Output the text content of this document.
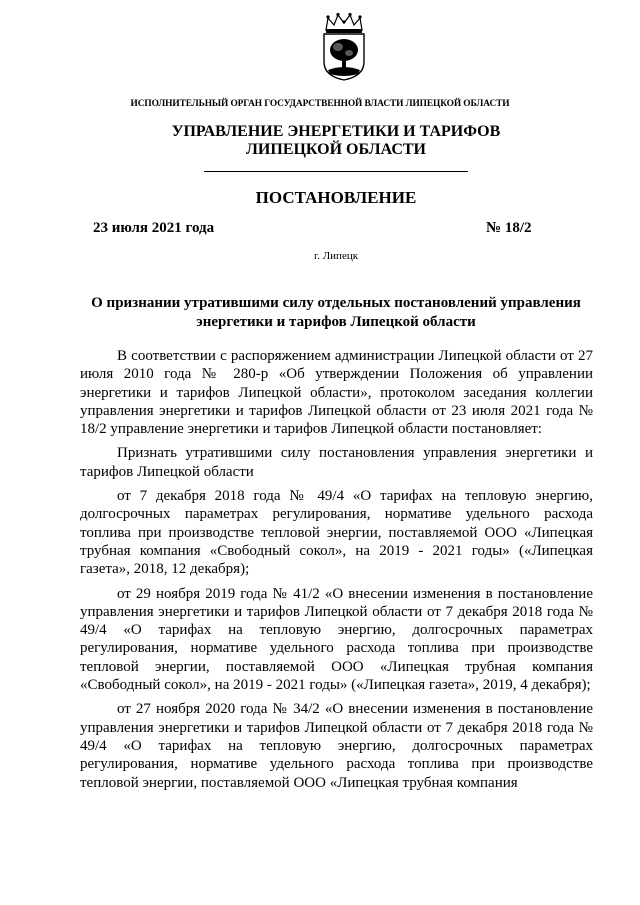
ИСПОЛНИТЕЛЬНЫЙ ОРГАН ГОСУДАРСТВЕННОЙ ВЛАСТИ ЛИПЕЦКОЙ ОБЛАСТИ
УПРАВЛЕНИЕ ЭНЕРГЕТИКИ И ТАРИФОВ
ЛИПЕЦКОЙ ОБЛАСТИ
ПОСТАНОВЛЕНИЕ
23 июля 2021 года	№ 18/2
г. Липецк
О признании утратившими силу отдельных постановлений управления
энергетики и тарифов Липецкой области

В соответствии с распоряжением администрации Липецкой области от 27 июля 2010 года № 280-р «Об утверждении Положения об управлении энергетики и тарифов Липецкой области», протоколом заседания коллегии управления энергетики и тарифов Липецкой области от 23 июля 2021 года № 18/2 управление энергетики и тарифов Липецкой области постановляет:

Признать утратившими силу постановления управления энергетики и тарифов Липецкой области

от 7 декабря 2018 года № 49/4 «О тарифах на тепловую энергию, долгосрочных параметрах регулирования, нормативе удельного расхода топлива при производстве тепловой энергии, поставляемой ООО «Липецкая трубная компания «Свободный сокол», на 2019 - 2021 годы» («Липецкая газета», 2018, 12 декабря);

от 29 ноября 2019 года № 41/2 «О внесении изменения в постановление управления энергетики и тарифов Липецкой области от 7 декабря 2018 года № 49/4 «О тарифах на тепловую энергию, долгосрочных параметрах регулирования, нормативе удельного расхода топлива при производстве тепловой энергии, поставляемой ООО «Липецкая трубная компания «Свободный сокол», на 2019 - 2021 годы» («Липецкая газета», 2019, 4 декабря);

от 27 ноября 2020 года № 34/2 «О внесении изменения в постановление управления энергетики и тарифов Липецкой области от 7 декабря 2018 года № 49/4 «О тарифах на тепловую энергию, долгосрочных параметрах регулирования, нормативе удельного расхода топлива при производстве тепловой энергии, поставляемой ООО «Липецкая трубная компания
